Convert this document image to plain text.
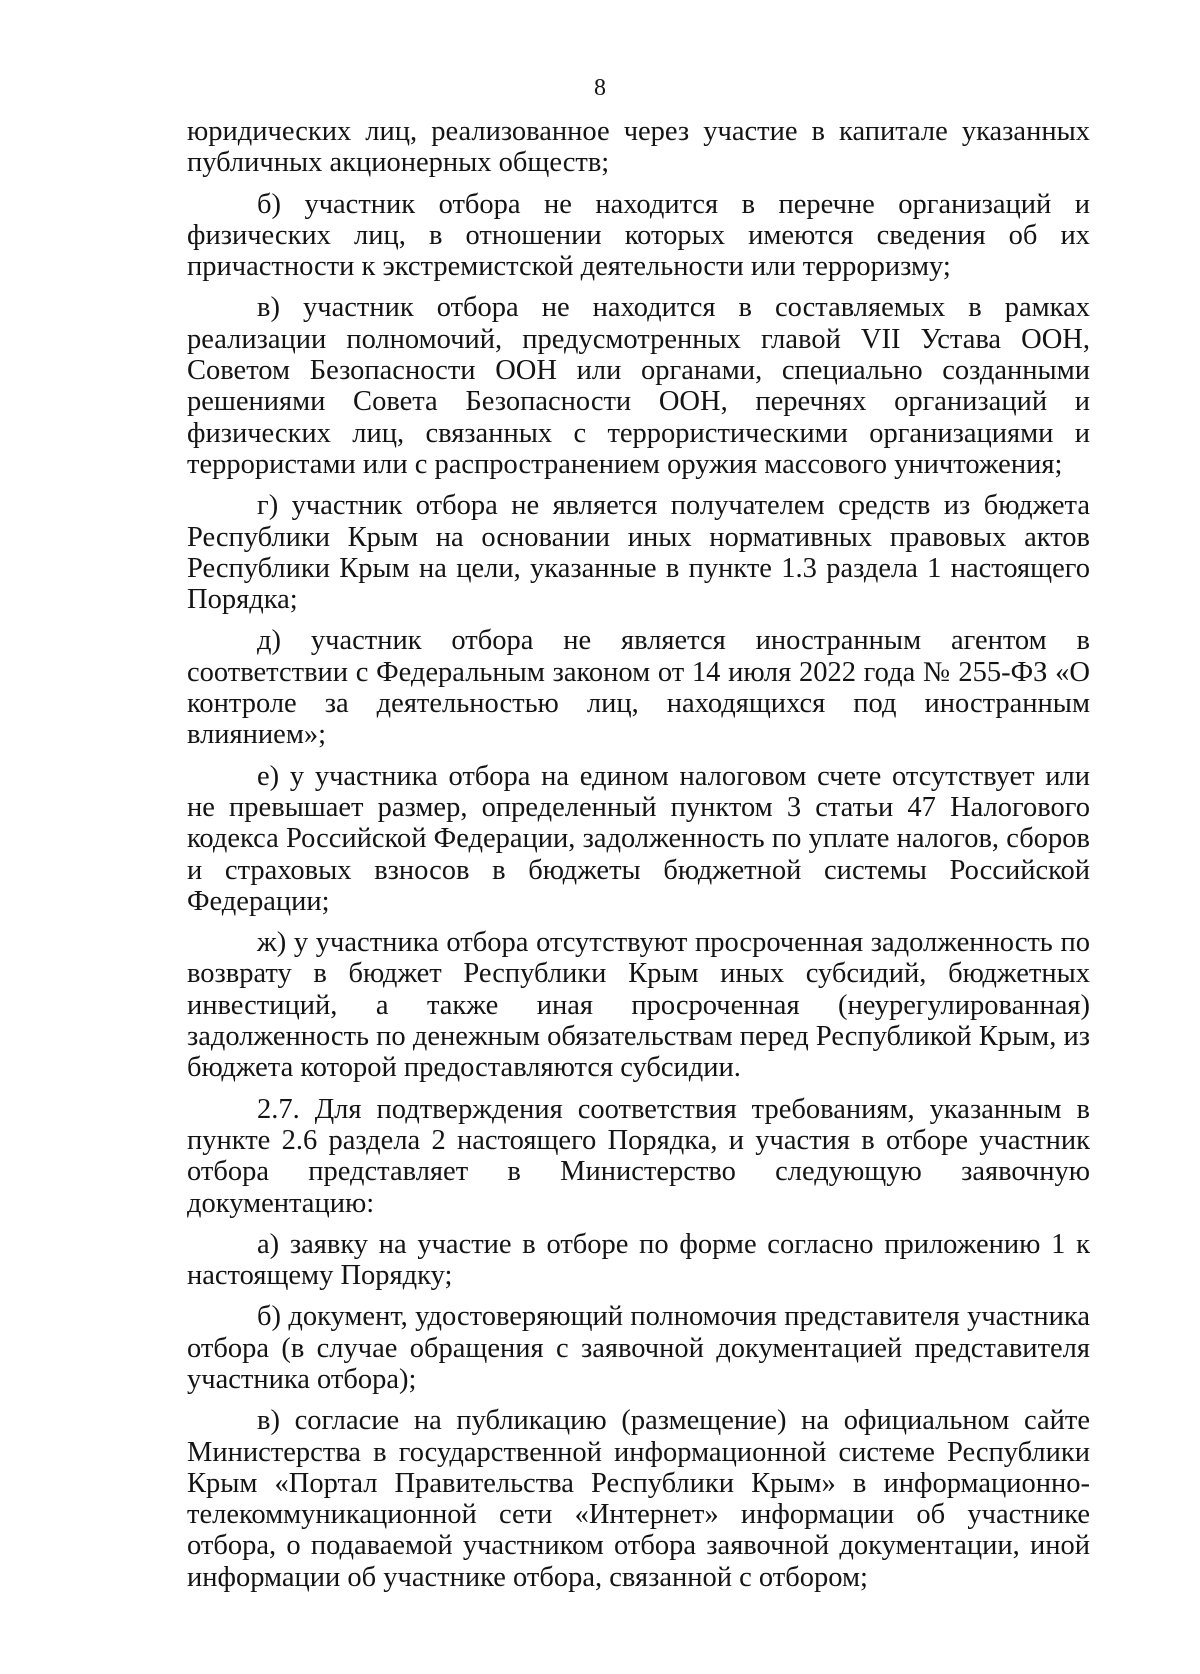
8

юридических лиц, реализованное через участие в капитале указанных публичных акционерных обществ;

б) участник отбора не находится в перечне организаций и физических лиц, в отношении которых имеются сведения об их причастности к экстремистской деятельности или терроризму;

в) участник отбора не находится в составляемых в рамках реализации полномочий, предусмотренных главой VII Устава ООН, Советом Безопасности ООН или органами, специально созданными решениями Совета Безопасности ООН, перечнях организаций и физических лиц, связанных с террористическими организациями и террористами или с распространением оружия массового уничтожения;

г) участник отбора не является получателем средств из бюджета Республики Крым на основании иных нормативных правовых актов Республики Крым на цели, указанные в пункте 1.3 раздела 1 настоящего Порядка;

д) участник отбора не является иностранным агентом в соответствии с Федеральным законом от 14 июля 2022 года № 255-ФЗ «О контроле за деятельностью лиц, находящихся под иностранным влиянием»;

е) у участника отбора на едином налоговом счете отсутствует или не превышает размер, определенный пунктом 3 статьи 47 Налогового кодекса Российской Федерации, задолженность по уплате налогов, сборов и страховых взносов в бюджеты бюджетной системы Российской Федерации;

ж) у участника отбора отсутствуют просроченная задолженность по возврату в бюджет Республики Крым иных субсидий, бюджетных инвестиций, а также иная просроченная (неурегулированная) задолженность по денежным обязательствам перед Республикой Крым, из бюджета которой предоставляются субсидии.

2.7. Для подтверждения соответствия требованиям, указанным в пункте 2.6 раздела 2 настоящего Порядка, и участия в отборе участник отбора представляет в Министерство следующую заявочную документацию:

а) заявку на участие в отборе по форме согласно приложению 1 к настоящему Порядку;

б) документ, удостоверяющий полномочия представителя участника отбора (в случае обращения с заявочной документацией представителя участника отбора);

в) согласие на публикацию (размещение) на официальном сайте Министерства в государственной информационной системе Республики Крым «Портал Правительства Республики Крым» в информационно-телекоммуникационной сети «Интернет» информации об участнике отбора, о подаваемой участником отбора заявочной документации, иной информации об участнике отбора, связанной с отбором;
